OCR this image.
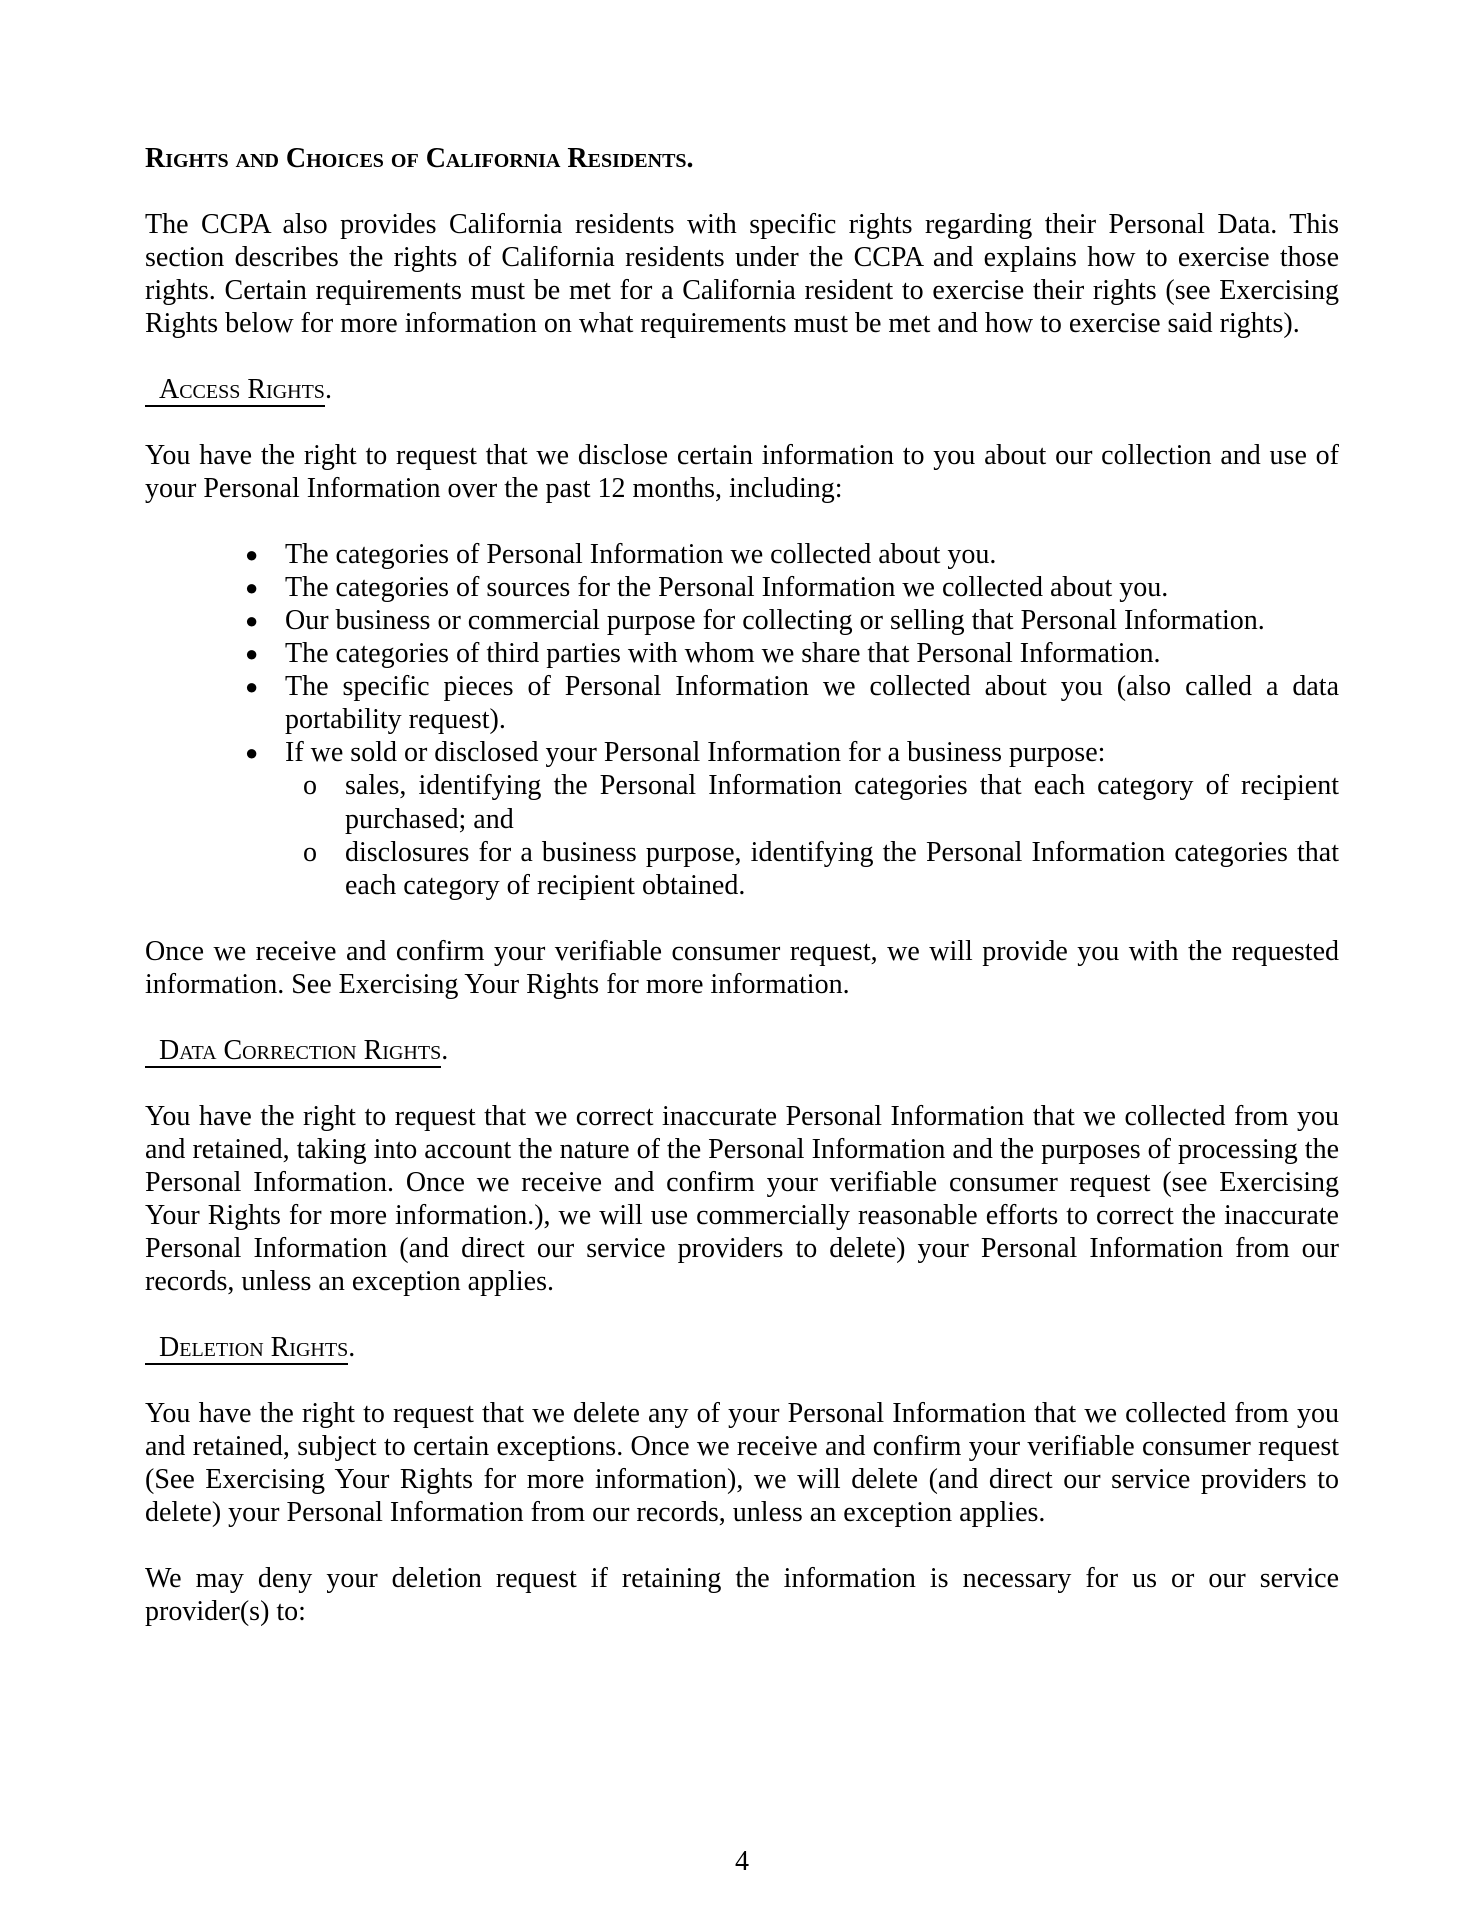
Rights and Choices of California Residents.

The CCPA also provides California residents with specific rights regarding their Personal Data. This section describes the rights of California residents under the CCPA and explains how to exercise those rights. Certain requirements must be met for a California resident to exercise their rights (see Exercising Rights below for more information on what requirements must be met and how to exercise said rights).

Access Rights.

You have the right to request that we disclose certain information to you about our collection and use of your Personal Information over the past 12 months, including:

● The categories of Personal Information we collected about you.
● The categories of sources for the Personal Information we collected about you.
● Our business or commercial purpose for collecting or selling that Personal Information.
● The categories of third parties with whom we share that Personal Information.
● The specific pieces of Personal Information we collected about you (also called a data portability request).
● If we sold or disclosed your Personal Information for a business purpose:
o	sales, identifying the Personal Information categories that each category of recipient purchased; and
o	disclosures for a business purpose, identifying the Personal Information categories that each category of recipient obtained.

Once we receive and confirm your verifiable consumer request, we will provide you with the requested information. See Exercising Your Rights for more information.

Data Correction Rights.

You have the right to request that we correct inaccurate Personal Information that we collected from you and retained, taking into account the nature of the Personal Information and the purposes of processing the Personal Information. Once we receive and confirm your verifiable consumer request (see Exercising Your Rights for more information.), we will use commercially reasonable efforts to correct the inaccurate Personal Information (and direct our service providers to delete) your Personal Information from our records, unless an exception applies.

Deletion Rights.

You have the right to request that we delete any of your Personal Information that we collected from you and retained, subject to certain exceptions. Once we receive and confirm your verifiable consumer request (See Exercising Your Rights for more information), we will delete (and direct our service providers to delete) your Personal Information from our records, unless an exception applies.

We may deny your deletion request if retaining the information is necessary for us or our service provider(s) to:

4
